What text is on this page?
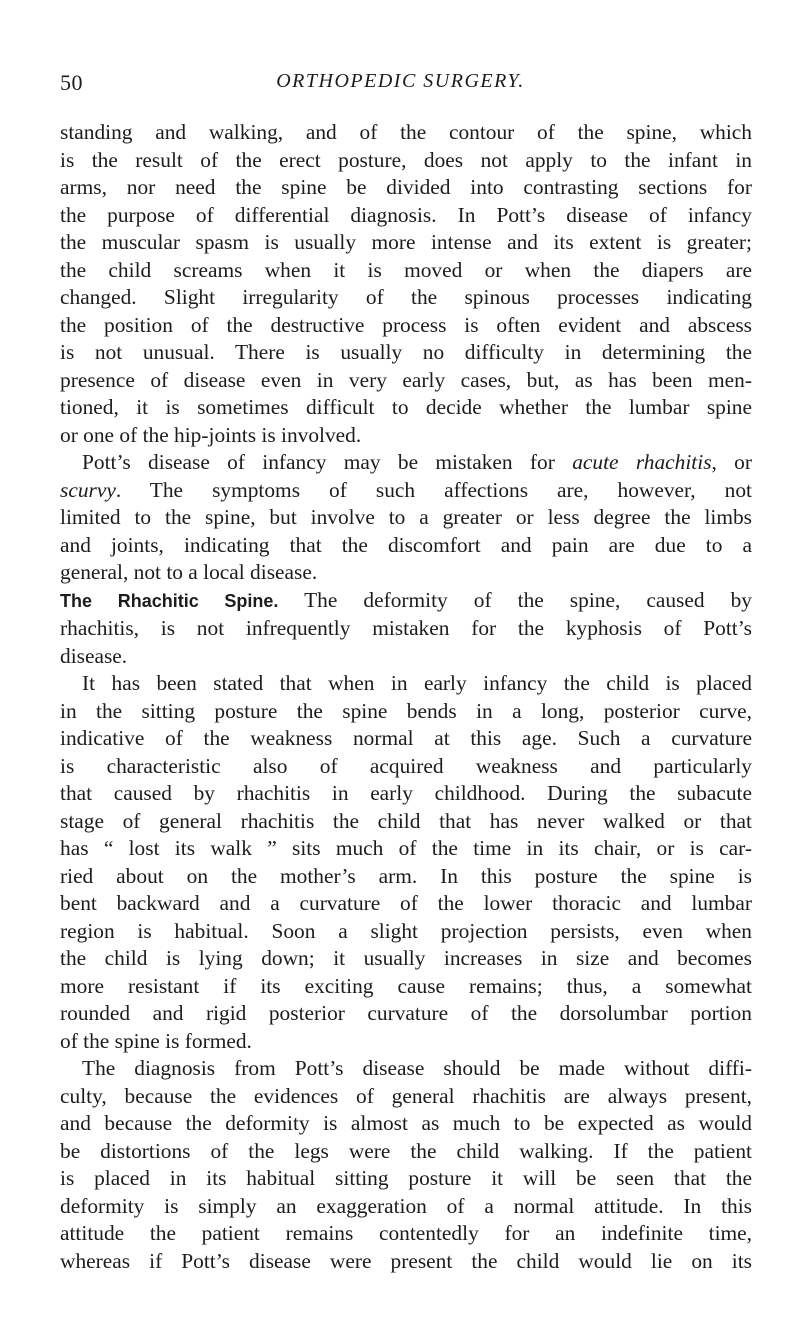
50	ORTHOPEDIC SURGERY.

standing and walking, and of the contour of the spine, which
is the result of the erect posture, does not apply to the infant in
arms, nor need the spine be divided into contrasting sections for
the purpose of differential diagnosis. In Pott’s disease of infancy
the muscular spasm is usually more intense and its extent is greater;
the child screams when it is moved or when the diapers are
changed. Slight irregularity of the spinous processes indicating
the position of the destructive process is often evident and abscess
is not unusual. There is usually no difficulty in determining the
presence of disease even in very early cases, but, as has been men-
tioned, it is sometimes difficult to decide whether the lumbar spine
or one of the hip-joints is involved.

Pott’s disease of infancy may be mistaken for acute rhachitis, or
scurvy. The symptoms of such affections are, however, not
limited to the spine, but involve to a greater or less degree the limbs
and joints, indicating that the discomfort and pain are due to a
general, not to a local disease.

The Rhachitic Spine. The deformity of the spine, caused by
rhachitis, is not infrequently mistaken for the kyphosis of Pott’s
disease.

It has been stated that when in early infancy the child is placed
in the sitting posture the spine bends in a long, posterior curve,
indicative of the weakness normal at this age. Such a curvature
is characteristic also of acquired weakness and particularly
that caused by rhachitis in early childhood. During the subacute
stage of general rhachitis the child that has never walked or that
has “ lost its walk ” sits much of the time in its chair, or is car-
ried about on the mother’s arm. In this posture the spine is
bent backward and a curvature of the lower thoracic and lumbar
region is habitual. Soon a slight projection persists, even when
the child is lying down; it usually increases in size and becomes
more resistant if its exciting cause remains; thus, a somewhat
rounded and rigid posterior curvature of the dorsolumbar portion
of the spine is formed.

The diagnosis from Pott’s disease should be made without diffi-
culty, because the evidences of general rhachitis are always present,
and because the deformity is almost as much to be expected as would
be distortions of the legs were the child walking. If the patient
is placed in its habitual sitting posture it will be seen that the
deformity is simply an exaggeration of a normal attitude. In this
attitude the patient remains contentedly for an indefinite time,
whereas if Pott’s disease were present the child would lie on its
